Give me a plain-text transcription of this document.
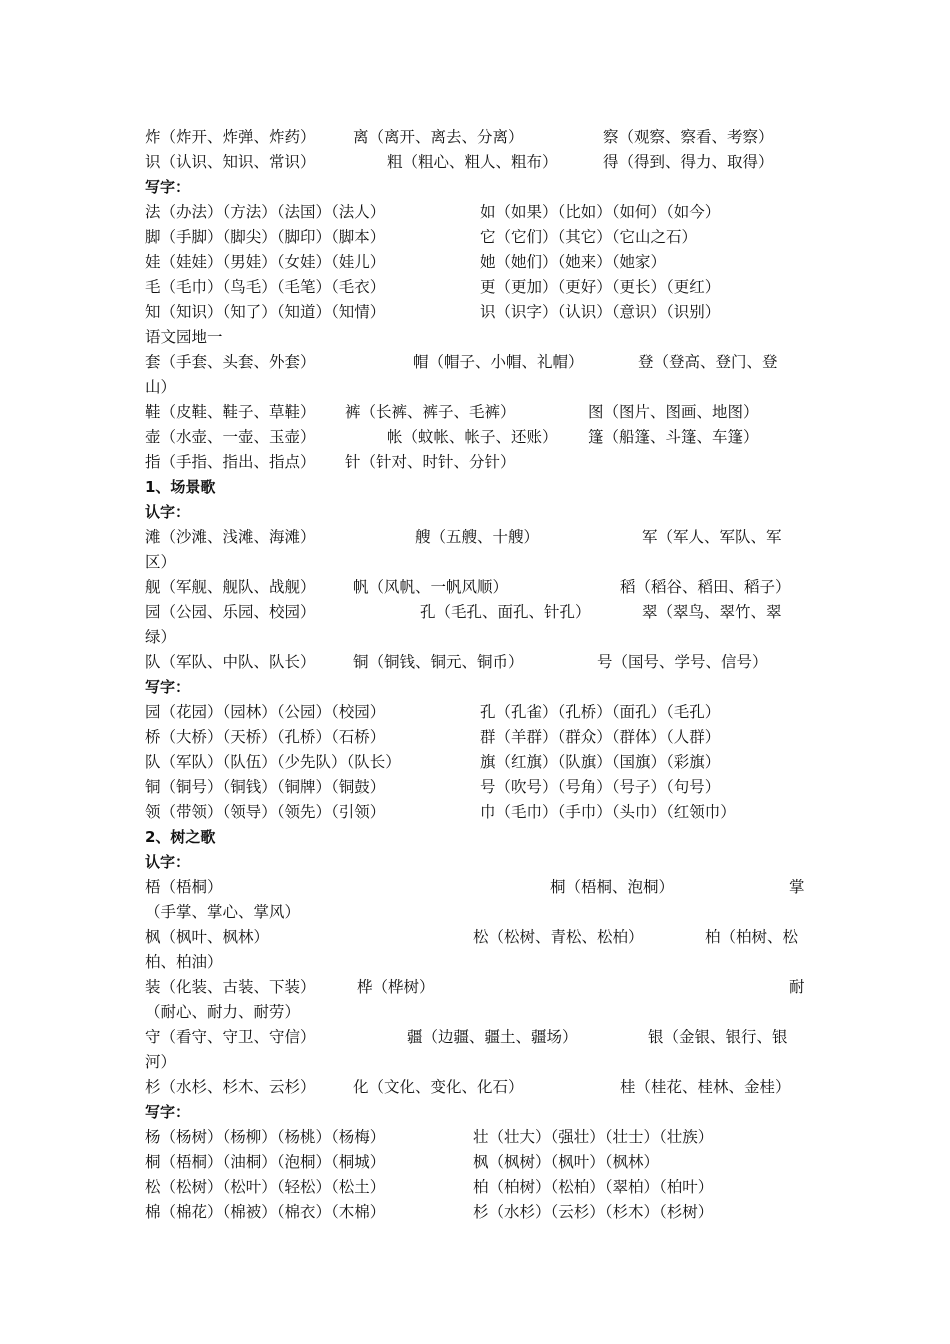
炸（炸开、炸弹、炸药） 离（离开、离去、分离）	察（观察、察看、考察）
识（认识、知识、常识）	粗（粗心、粗人、粗布）	得（得到、得力、取得）
写字：
法（办法）（方法）（法国）（法人）	如（如果）（比如）（如何）（如今）
脚（手脚）（脚尖）（脚印）（脚本）	它（它们）（其它）（它山之石）
娃（娃娃）（男娃）（女娃）（娃儿）	她（她们）（她来）（她家）
毛（毛巾）（鸟毛）（毛笔）（毛衣）	更（更加）（更好）（更长）（更红）
知（知识）（知了）（知道）（知情）	识（识字）（认识）（意识）（识别）
语文园地一
套（手套、头套、外套）	帽（帽子、小帽、礼帽）	登（登高、登门、登
山）
鞋（皮鞋、鞋子、草鞋） 裤（长裤、裤子、毛裤）	图（图片、图画、地图）
壶（水壶、一壶、玉壶）	帐（蚊帐、帐子、还账） 篷（船篷、斗篷、车篷）
指（手指、指出、指点） 针（针对、时针、分针）
1、场景歌
认字：
滩（沙滩、浅滩、海滩）	艘（五艘、十艘）	军（军人、军队、军
区）
舰（军舰、舰队、战舰） 帆（风帆、一帆风顺）	稻（稻谷、稻田、稻子）
园（公园、乐园、校园）	孔（毛孔、面孔、针孔）	翠（翠鸟、翠竹、翠
绿）
队（军队、中队、队长） 铜（铜钱、铜元、铜币）	号（国号、学号、信号）
写字：
园（花园）（园林）（公园）（校园）	孔（孔雀）（孔桥）（面孔）（毛孔）
桥（大桥）（天桥）（孔桥）（石桥）	群（羊群）（群众）（群体）（人群）
队（军队）（队伍）（少先队）（队长）	旗（红旗）（队旗）（国旗）（彩旗）
铜（铜号）（铜钱）（铜牌）（铜鼓）	号（吹号）（号角）（号子）（句号）
领（带领）（领导）（领先）（引领）	巾（毛巾）（手巾）（头巾）（红领巾）
2、树之歌
认字：
梧（梧桐）	桐（梧桐、泡桐）	掌
（手掌、掌心、掌风）
枫（枫叶、枫林）	松（松树、青松、松柏）	柏（柏树、松
柏、柏油）
装（化装、古装、下装）	桦（桦树）	耐
（耐心、耐力、耐劳）
守（看守、守卫、守信）	疆（边疆、疆土、疆场）	银（金银、银行、银
河）
杉（水杉、杉木、云杉） 化（文化、变化、化石）	桂（桂花、桂林、金桂）
写字：
杨（杨树）（杨柳）（杨桃）（杨梅）	壮（壮大）（强壮）（壮士）（壮族）
桐（梧桐）（油桐）（泡桐）（桐城）	枫（枫树）（枫叶）（枫林）
松（松树）（松叶）（轻松）（松土）	柏（柏树）（松柏）（翠柏）（柏叶）
棉（棉花）（棉被）（棉衣）（木棉）	杉（水杉）（云杉）（杉木）（杉树）
